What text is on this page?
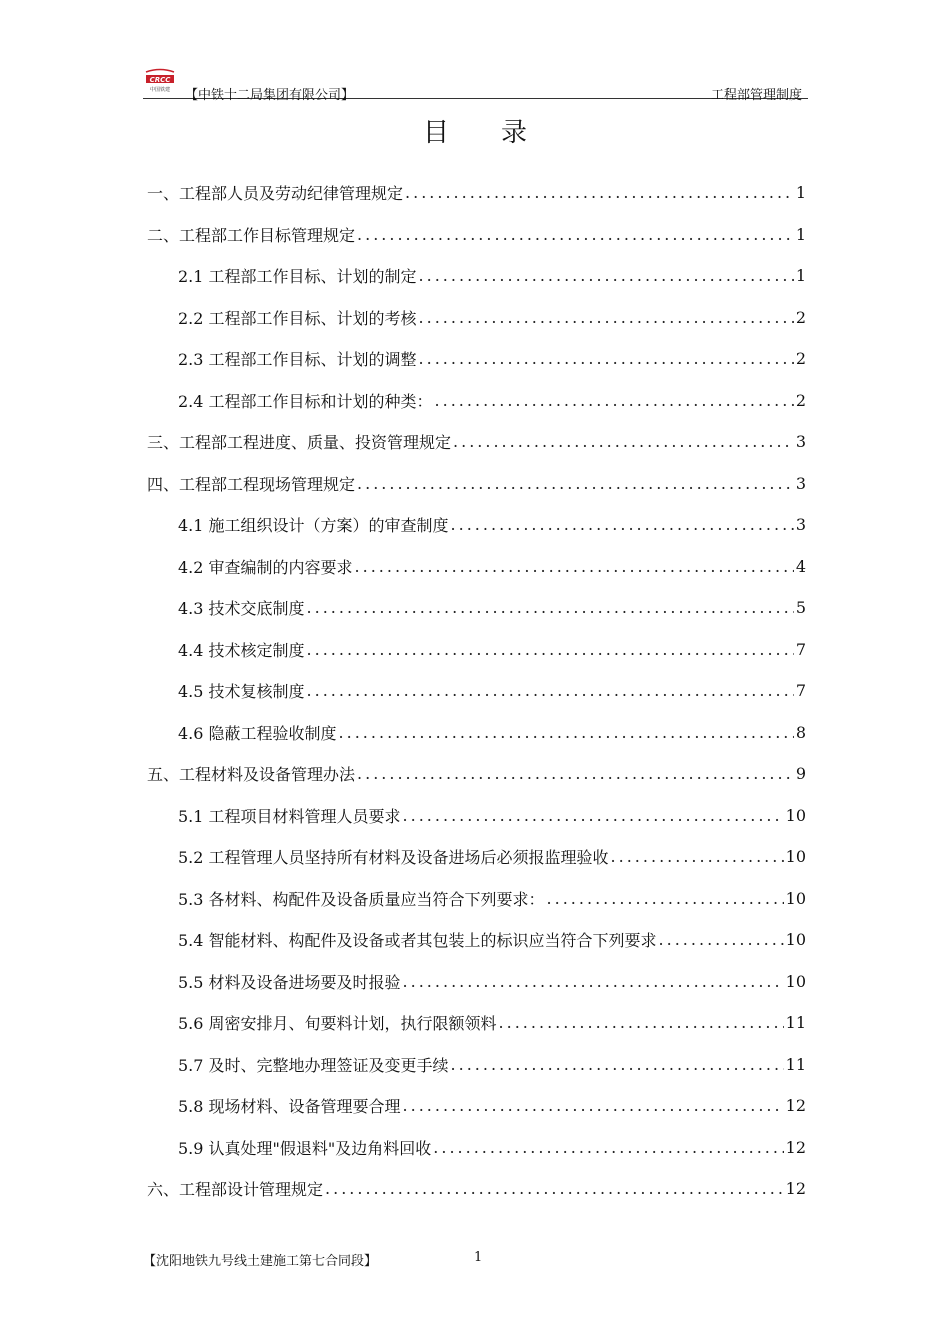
CRCC
中国铁建 【中铁十二局集团有限公司】	工程部管理制度
目录
一、工程部人员及劳动纪律管理规定 .....	1
二、工程部工作目标管理规定 .....	1
2.1 工程部工作目标、计划的制定 .....	1
2.2 工程部工作目标、计划的考核 .....	2
2.3 工程部工作目标、计划的调整 .....	2
2.4 工程部工作目标和计划的种类： .....	2
三、工程部工程进度、质量、投资管理规定 .....	3
四、工程部工程现场管理规定 .....	3
4.1 施工组织设计（方案）的审查制度 .....	3
4.2 审查编制的内容要求 .....	4
4.3 技术交底制度 .....	5
4.4 技术核定制度 .....	7
4.5 技术复核制度 .....	7
4.6 隐蔽工程验收制度 .....	8
五、工程材料及设备管理办法 .....	9
5.1 工程项目材料管理人员要求 .....	10
5.2 工程管理人员坚持所有材料及设备进场后必须报监理验收 .....	10
5.3 各材料、构配件及设备质量应当符合下列要求： .....	10
5.4 智能材料、构配件及设备或者其包装上的标识应当符合下列要求 .....	10
5.5 材料及设备进场要及时报验 .....	10
5.6 周密安排月、旬要料计划，执行限额领料 .....	11
5.7 及时、完整地办理签证及变更手续 .....	11
5.8 现场材料、设备管理要合理 .....	12
5.9 认真处理"假退料"及边角料回收 .....	12
六、工程部设计管理规定 .....	12
【沈阳地铁九号线土建施工第七合同段】	1
